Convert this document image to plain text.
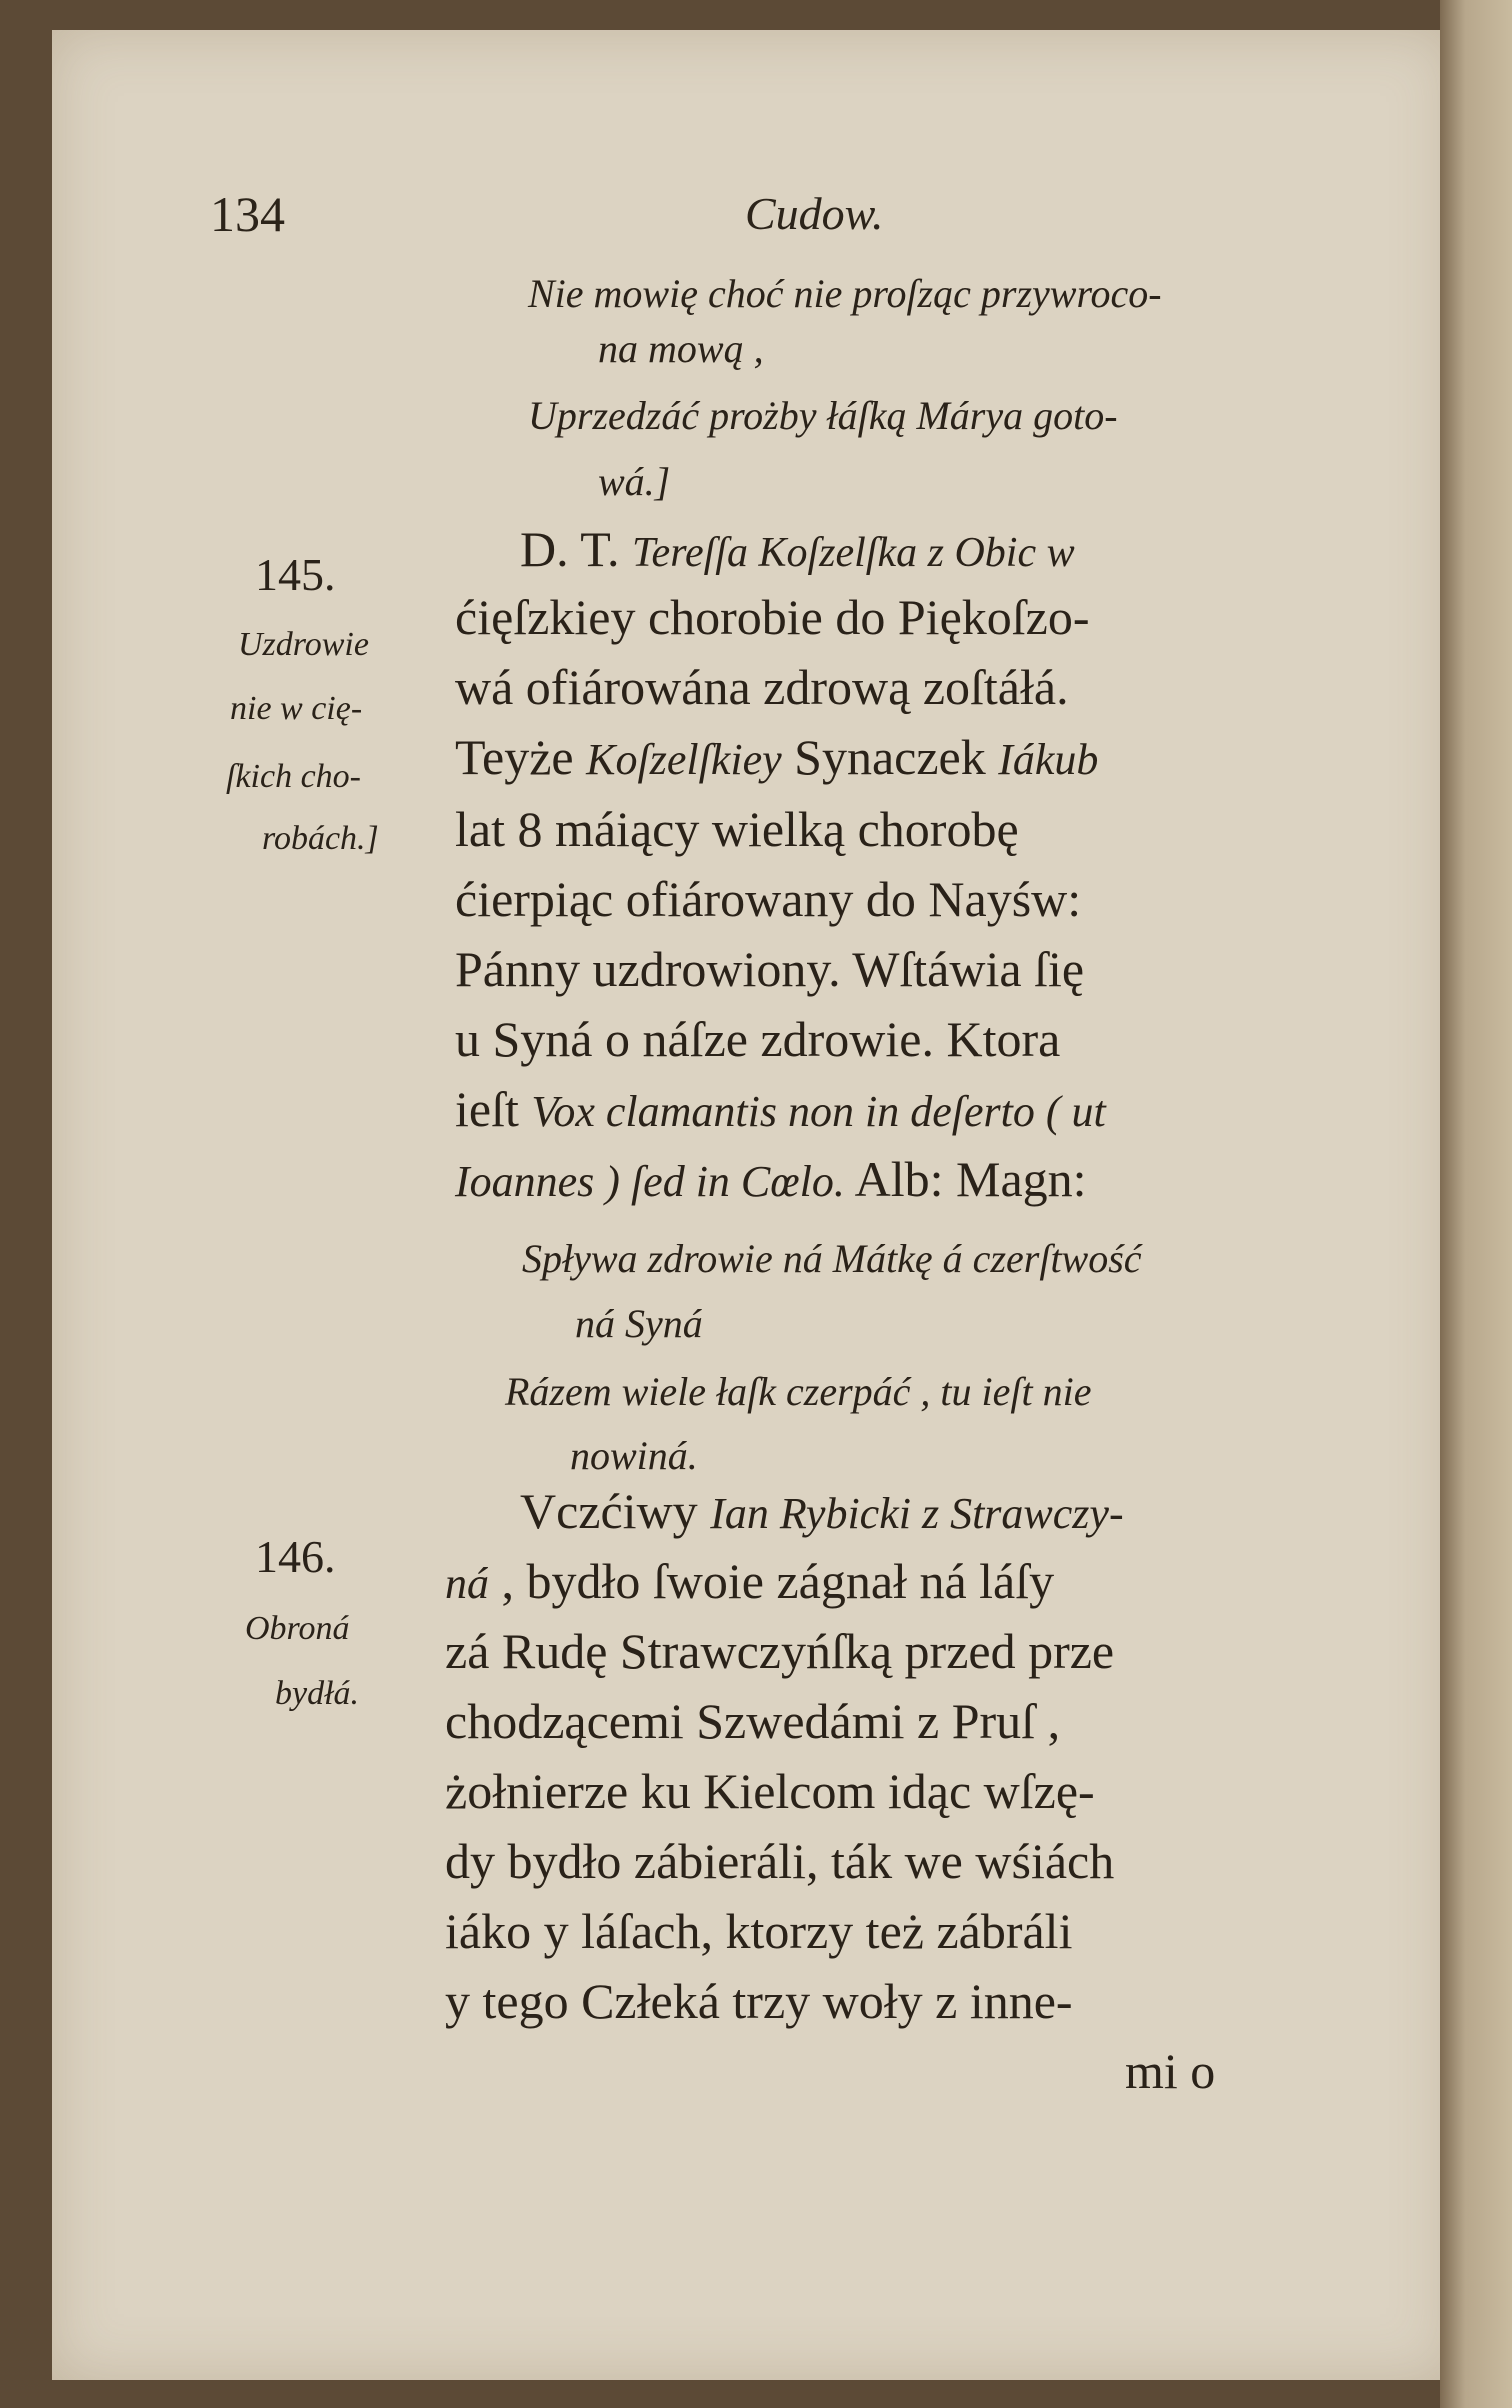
134	Cudow.
Nie mowię choć nie proſząc przywroco-
na mową ,
Uprzedzáć prożby łáſką Márya goto-
wá.]
145.
Uzdrowie
nie w cię-
ſkich cho-
robách.]
D. T. Tereſſa Koſzelſka z Obic w
ćięſzkiey chorobie do Piękoſzo-
wá ofiárowána zdrową zoſtáłá.
Teyże Koſzelſkiey Synaczek Iákub
lat 8 máiący wielką chorobę
ćierpiąc ofiárowany do Nayśw:
Pánny uzdrowiony. Wſtáwia ſię
u Syná o náſze zdrowie. Ktora
ieſt Vox clamantis non in deſerto ( ut
Ioannes ) ſed in Cœlo. Alb: Magn:
Spływa zdrowie ná Mátkę á czerſtwość
ná Syná
Rázem wiele łaſk czerpáć , tu ieſt nie
nowiná.
146.
Obroná
bydłá.
Vczćiwy Ian Rybicki z Strawczy-
ná , bydło ſwoie zágnał ná láſy
zá Rudę Strawczyńſką przed prze
chodzącemi Szwedámi z Pruſ ,
żołnierze ku Kielcom idąc wſzę-
dy bydło zábieráli, ták we wśiách
iáko y láſach, ktorzy też zábráli
y tego Człeká trzy woły z inne-
mi o
